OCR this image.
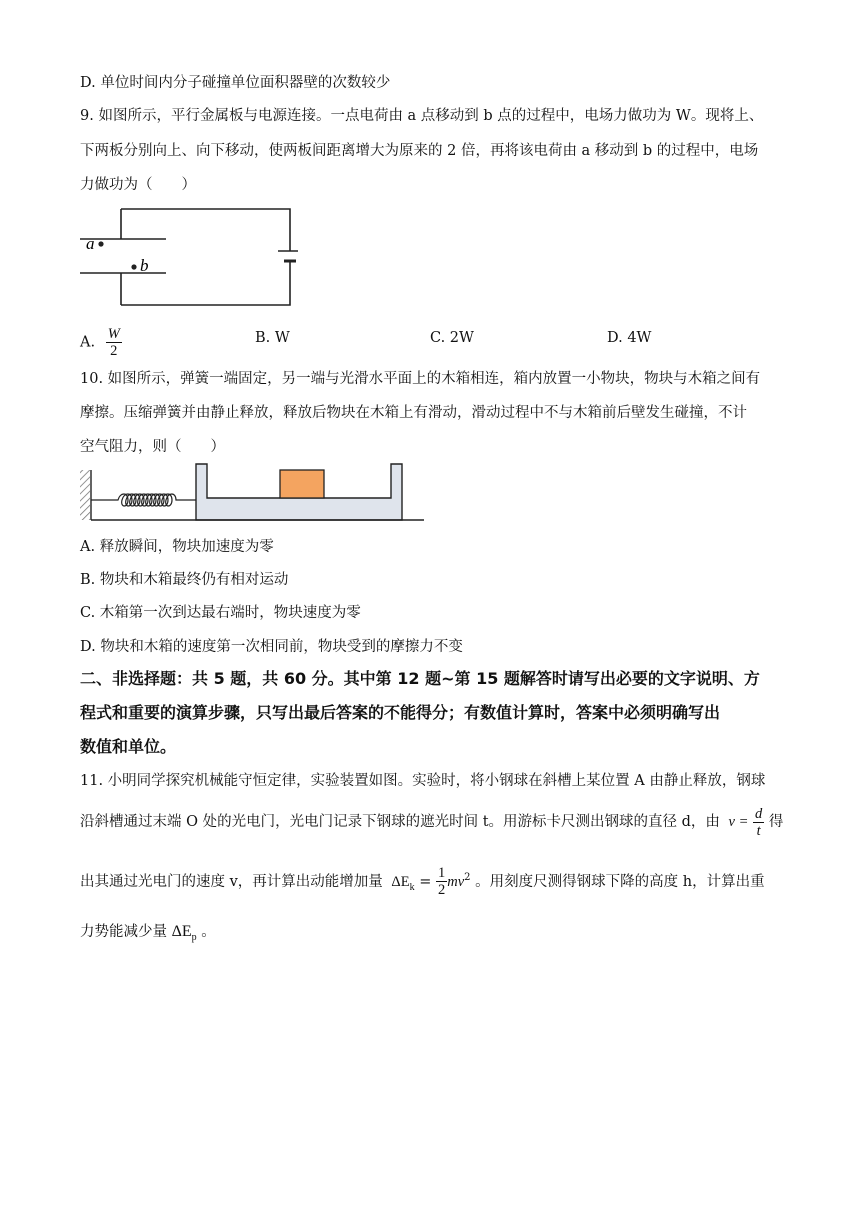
D. 单位时间内分子碰撞单位面积器壁的次数较少
9. 如图所示，平行金属板与电源连接。一点电荷由 a 点移动到 b 点的过程中，电场力做功为 W。现将上、
下两板分别向上、向下移动，使两板间距离增大为原来的 2 倍，再将该电荷由 a 移动到 b 的过程中，电场
力做功为（　　）
a
b
A. $\frac{W}{2}$	B. W	C. 2W	D. 4W
10. 如图所示，弹簧一端固定，另一端与光滑水平面上的木箱相连，箱内放置一小物块，物块与木箱之间有
摩擦。压缩弹簧并由静止释放，释放后物块在木箱上有滑动，滑动过程中不与木箱前后壁发生碰撞，不计
空气阻力，则（　　）
A. 释放瞬间，物块加速度为零
B. 物块和木箱最终仍有相对运动
C. 木箱第一次到达最右端时，物块速度为零
D. 物块和木箱的速度第一次相同前，物块受到的摩擦力不变
二、非选择题：共 5 题，共 60 分。其中第 12 题~第 15 题解答时请写出必要的文字说明、方
程式和重要的演算步骤，只写出最后答案的不能得分；有数值计算时，答案中必须明确写出
数值和单位。
11. 小明同学探究机械能守恒定律，实验装置如图。实验时，将小钢球在斜槽上某位置 A 由静止释放，钢球
沿斜槽通过末端 O 处的光电门，光电门记录下钢球的遮光时间 t。用游标卡尺测出钢球的直径 d，由 $v = \frac{d}{t}$ 得
出其通过光电门的速度 v，再计算出动能增加量 $\Delta E_k = \frac{1}{2} mv^2$ 。用刻度尺测得钢球下降的高度 h，计算出重
力势能减少量 $\Delta E_p$ 。
